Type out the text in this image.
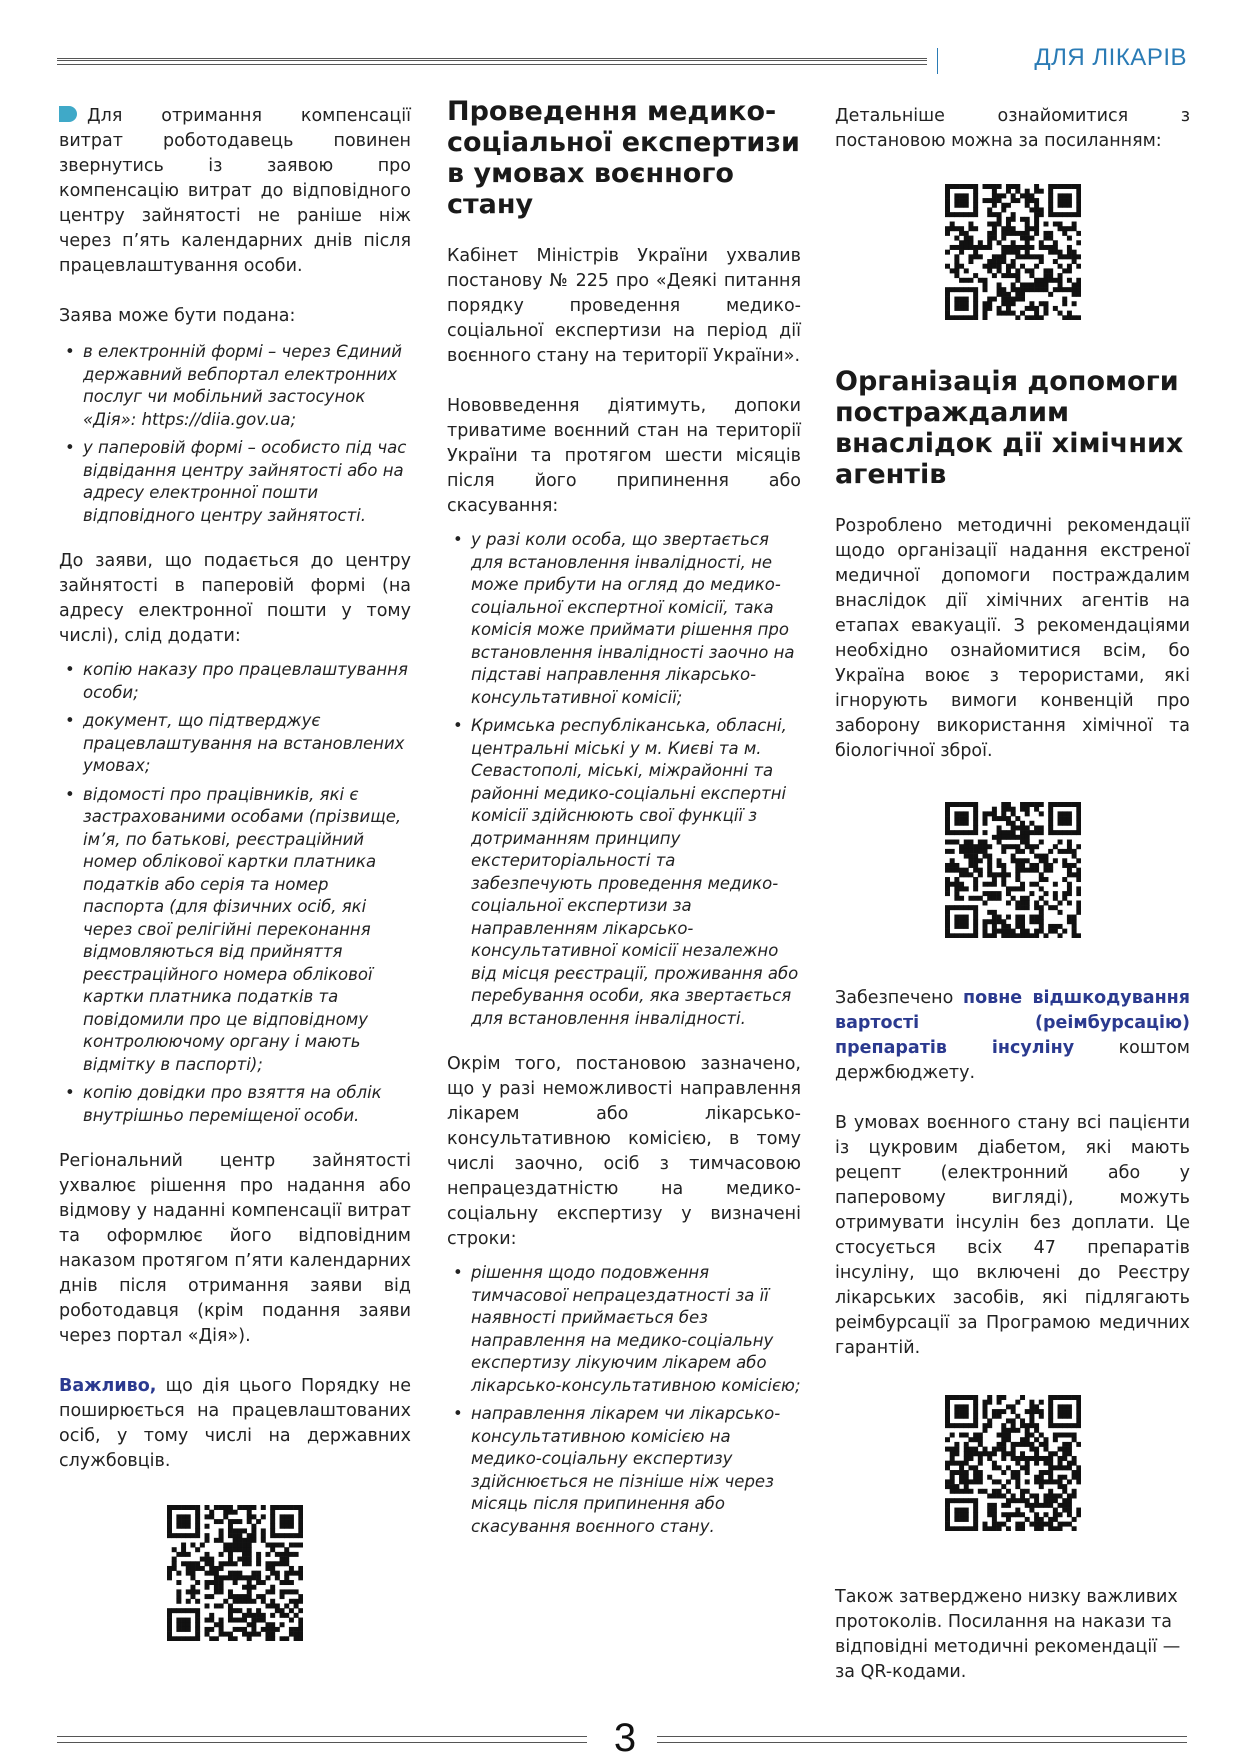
ДЛЯ ЛІКАРІВ

Для отримання компенсації витрат роботодавець повинен звернутись із заявою про компенсацію витрат до відповідного центру зайнятості не раніше ніж через п’ять календарних днів після працевлаштування особи.

Заява може бути подана:

• в електронній формі – через Єдиний державний вебпортал електронних послуг чи мобільний застосунок «Дія»: https://diia.gov.ua;
• у паперовій формі – особисто під час відвідання центру зайнятості або на адресу електронної пошти відповідного центру зайнятості.

До заяви, що подається до центру зайнятості в паперовій формі (на адресу електронної пошти у тому числі), слід додати:

• копію наказу про працевлаштування особи;
• документ, що підтверджує працевлаштування на встановлених умовах;
• відомості про працівників, які є застрахованими особами (прізвище, ім’я, по батькові, реєстраційний номер облікової картки платника податків або серія та номер паспорта (для фізичних осіб, які через свої релігійні переконання відмовляються від прийняття реєстраційного номера облікової картки платника податків та повідомили про це відповідному контролюючому органу і мають відмітку в паспорті);
• копію довідки про взяття на облік внутрішньо переміщеної особи.

Регіональний центр зайнятості ухвалює рішення про надання або відмову у наданні компенсації витрат та оформлює його відповідним наказом протягом п’яти календарних днів після отримання заяви від роботодавця (крім подання заяви через портал «Дія»).

Важливо, що дія цього Порядку не поширюється на працевлаштованих осіб, у тому числі на державних службовців.

Проведення медико-соціальної експертизи в умовах воєнного стану

Кабінет Міністрів України ухвалив постанову № 225 про «Деякі питання порядку проведення медико-соціальної експертизи на період дії воєнного стану на території України».

Нововведення діятимуть, допоки триватиме воєнний стан на території України та протягом шести місяців після його припинення або скасування:

• у разі коли особа, що звертається для встановлення інвалідності, не може прибути на огляд до медико-соціальної експертної комісії, така комісія може приймати рішення про встановлення інвалідності заочно на підставі направлення лікарсько-консультативної комісії;
• Кримська республіканська, обласні, центральні міські у м. Києві та м. Севастополі, міські, міжрайонні та районні медико-соціальні експертні комісії здійснюють свої функції з дотриманням принципу екстериторіальності та забезпечують проведення медико-соціальної експертизи за направленням лікарсько-консультативної комісії незалежно від місця реєстрації, проживання або перебування особи, яка звертається для встановлення інвалідності.

Окрім того, постановою зазначено, що у разі неможливості направлення лікарем або лікарсько-консультативною комісією, в тому числі заочно, осіб з тимчасовою непрацездатністю на медико-соціальну експертизу у визначені строки:

• рішення щодо подовження тимчасової непрацездатності за її наявності приймається без направлення на медико-соціальну експертизу лікуючим лікарем або лікарсько-консультативною комісією;
• направлення лікарем чи лікарсько-консультативною комісією на медико-соціальну експертизу здійснюється не пізніше ніж через місяць після припинення або скасування воєнного стану.

Детальніше ознайомитися з постановою можна за посиланням:

Організація допомоги постраждалим внаслідок дії хімічних агентів

Розроблено методичні рекомендації щодо організації надання екстреної медичної допомоги постраждалим внаслідок дії хімічних агентів на етапах евакуації. З рекомендаціями необхідно ознайомитися всім, бо Україна воює з терористами, які ігнорують вимоги конвенцій про заборону використання хімічної та біологічної зброї.

Забезпечено повне відшкодування вартості (реімбурсацію) препаратів інсуліну коштом держбюджету.

В умовах воєнного стану всі пацієнти із цукровим діабетом, які мають рецепт (електронний або у паперовому вигляді), можуть отримувати інсулін без доплати. Це стосується всіх 47 препаратів інсуліну, що включені до Реєстру лікарських засобів, які підлягають реімбурсації за Програмою медичних гарантій.

Також затверджено низку важливих протоколів. Посилання на накази та відповідні методичні рекомендації — за QR-кодами.

3
